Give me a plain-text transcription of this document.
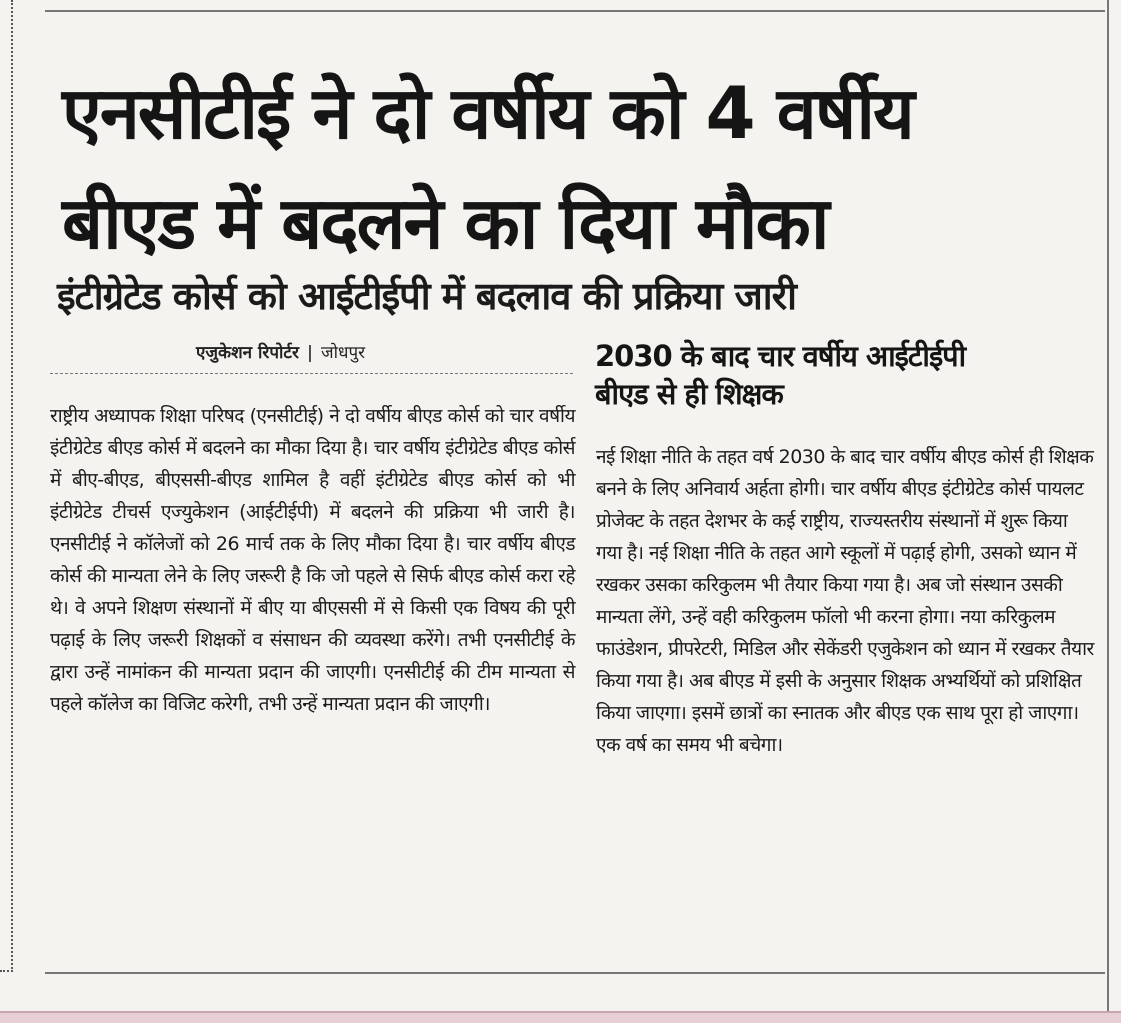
एनसीटीई ने दो वर्षीय को 4 वर्षीय
बीएड में बदलने का दिया मौका
इंटीग्रेटेड कोर्स को आईटीईपी में बदलाव की प्रक्रिया जारी
एजुकेशन रिपोर्टर | जोधपुर

राष्ट्रीय अध्यापक शिक्षा परिषद (एनसीटीई) ने दो वर्षीय बीएड कोर्स को चार वर्षीय इंटीग्रेटेड बीएड कोर्स में बदलने का मौका दिया है। चार वर्षीय इंटीग्रेटेड बीएड कोर्स में बीए-बीएड, बीएससी-बीएड शामिल है वहीं इंटीग्रेटेड बीएड कोर्स को भी इंटीग्रेटेड टीचर्स एज्युकेशन (आईटीईपी) में बदलने की प्रक्रिया भी जारी है। एनसीटीई ने कॉलेजों को 26 मार्च तक के लिए मौका दिया है। चार वर्षीय बीएड कोर्स की मान्यता लेने के लिए जरूरी है कि जो पहले से सिर्फ बीएड कोर्स करा रहे थे। वे अपने शिक्षण संस्थानों में बीए या बीएससी में से किसी एक विषय की पूरी पढ़ाई के लिए जरूरी शिक्षकों व संसाधन की व्यवस्था करेंगे। तभी एनसीटीई के द्वारा उन्हें नामांकन की मान्यता प्रदान की जाएगी। एनसीटीई की टीम मान्यता से पहले कॉलेज का विजिट करेगी, तभी उन्हें मान्यता प्रदान की जाएगी।

2030 के बाद चार वर्षीय आईटीईपी
बीएड से ही शिक्षक

नई शिक्षा नीति के तहत वर्ष 2030 के बाद चार वर्षीय बीएड कोर्स ही शिक्षक बनने के लिए अनिवार्य अर्हता होगी। चार वर्षीय बीएड इंटीग्रेटेड कोर्स पायलट प्रोजेक्ट के तहत देशभर के कई राष्ट्रीय, राज्यस्तरीय संस्थानों में शुरू किया गया है। नई शिक्षा नीति के तहत आगे स्कूलों में पढ़ाई होगी, उसको ध्यान में रखकर उसका करिकुलम भी तैयार किया गया है। अब जो संस्थान उसकी मान्यता लेंगे, उन्हें वही करिकुलम फॉलो भी करना होगा। नया करिकुलम फाउंडेशन, प्रीपरेटरी, मिडिल और सेकेंडरी एजुकेशन को ध्यान में रखकर तैयार किया गया है। अब बीएड में इसी के अनुसार शिक्षक अभ्यर्थियों को प्रशिक्षित किया जाएगा। इसमें छात्रों का स्नातक और बीएड एक साथ पूरा हो जाएगा। एक वर्ष का समय भी बचेगा।
